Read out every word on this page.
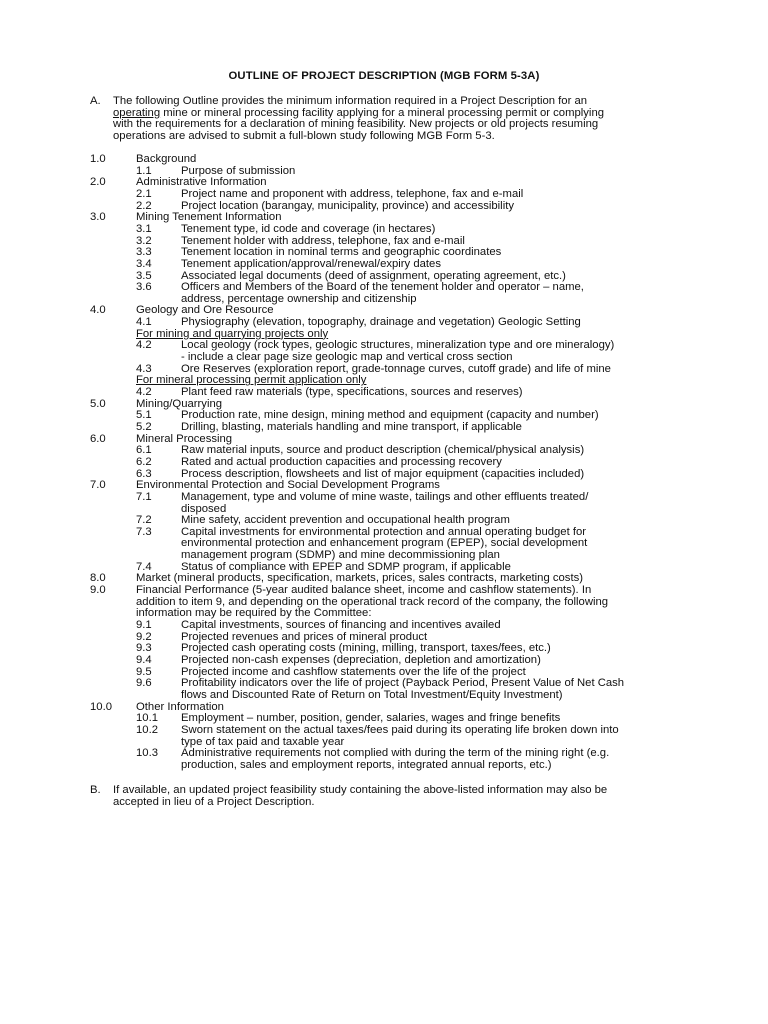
OUTLINE OF PROJECT DESCRIPTION (MGB FORM 5-3A)
A. The following Outline provides the minimum information required in a Project Description for an
operating mine or mineral processing facility applying for a mineral processing permit or complying
with the requirements for a declaration of mining feasibility. New projects or old projects resuming
operations are advised to submit a full-blown study following MGB Form 5-3.
1.0	Background
1.1	Purpose of submission
2.0	Administrative Information
2.1	Project name and proponent with address, telephone, fax and e-mail
2.2	Project location (barangay, municipality, province) and accessibility
3.0	Mining Tenement Information
3.1	Tenement type, id code and coverage (in hectares)
3.2	Tenement holder with address, telephone, fax and e-mail
3.3	Tenement location in nominal terms and geographic coordinates
3.4	Tenement application/approval/renewal/expiry dates
3.5	Associated legal documents (deed of assignment, operating agreement, etc.)
3.6	Officers and Members of the Board of the tenement holder and operator – name,
address, percentage ownership and citizenship
4.0	Geology and Ore Resource
4.1	Physiography (elevation, topography, drainage and vegetation) Geologic Setting
For mining and quarrying projects only
4.2	Local geology (rock types, geologic structures, mineralization type and ore mineralogy)
- include a clear page size geologic map and vertical cross section
4.3	Ore Reserves (exploration report, grade-tonnage curves, cutoff grade) and life of mine
For mineral processing permit application only
4.2	Plant feed raw materials (type, specifications, sources and reserves)
5.0	Mining/Quarrying
5.1	Production rate, mine design, mining method and equipment (capacity and number)
5.2	Drilling, blasting, materials handling and mine transport, if applicable
6.0	Mineral Processing
6.1	Raw material inputs, source and product description (chemical/physical analysis)
6.2	Rated and actual production capacities and processing recovery
6.3	Process description, flowsheets and list of major equipment (capacities included)
7.0	Environmental Protection and Social Development Programs
7.1	Management, type and volume of mine waste, tailings and other effluents treated/
disposed
7.2	Mine safety, accident prevention and occupational health program
7.3	Capital investments for environmental protection and annual operating budget for
environmental protection and enhancement program (EPEP), social development
management program (SDMP) and mine decommissioning plan
7.4	Status of compliance with EPEP and SDMP program, if applicable
8.0	Market (mineral products, specification, markets, prices, sales contracts, marketing costs)
9.0	Financial Performance (5-year audited balance sheet, income and cashflow statements). In
addition to item 9, and depending on the operational track record of the company, the following
information may be required by the Committee:
9.1	Capital investments, sources of financing and incentives availed
9.2	Projected revenues and prices of mineral product
9.3	Projected cash operating costs (mining, milling, transport, taxes/fees, etc.)
9.4	Projected non-cash expenses (depreciation, depletion and amortization)
9.5	Projected income and cashflow statements over the life of the project
9.6	Profitability indicators over the life of project (Payback Period, Present Value of Net Cash
flows and Discounted Rate of Return on Total Investment/Equity Investment)
10.0 Other Information
10.1 Employment – number, position, gender, salaries, wages and fringe benefits
10.2 Sworn statement on the actual taxes/fees paid during its operating life broken down into
type of tax paid and taxable year
10.3 Administrative requirements not complied with during the term of the mining right (e.g.
production, sales and employment reports, integrated annual reports, etc.)
B. If available, an updated project feasibility study containing the above-listed information may also be
accepted in lieu of a Project Description.
